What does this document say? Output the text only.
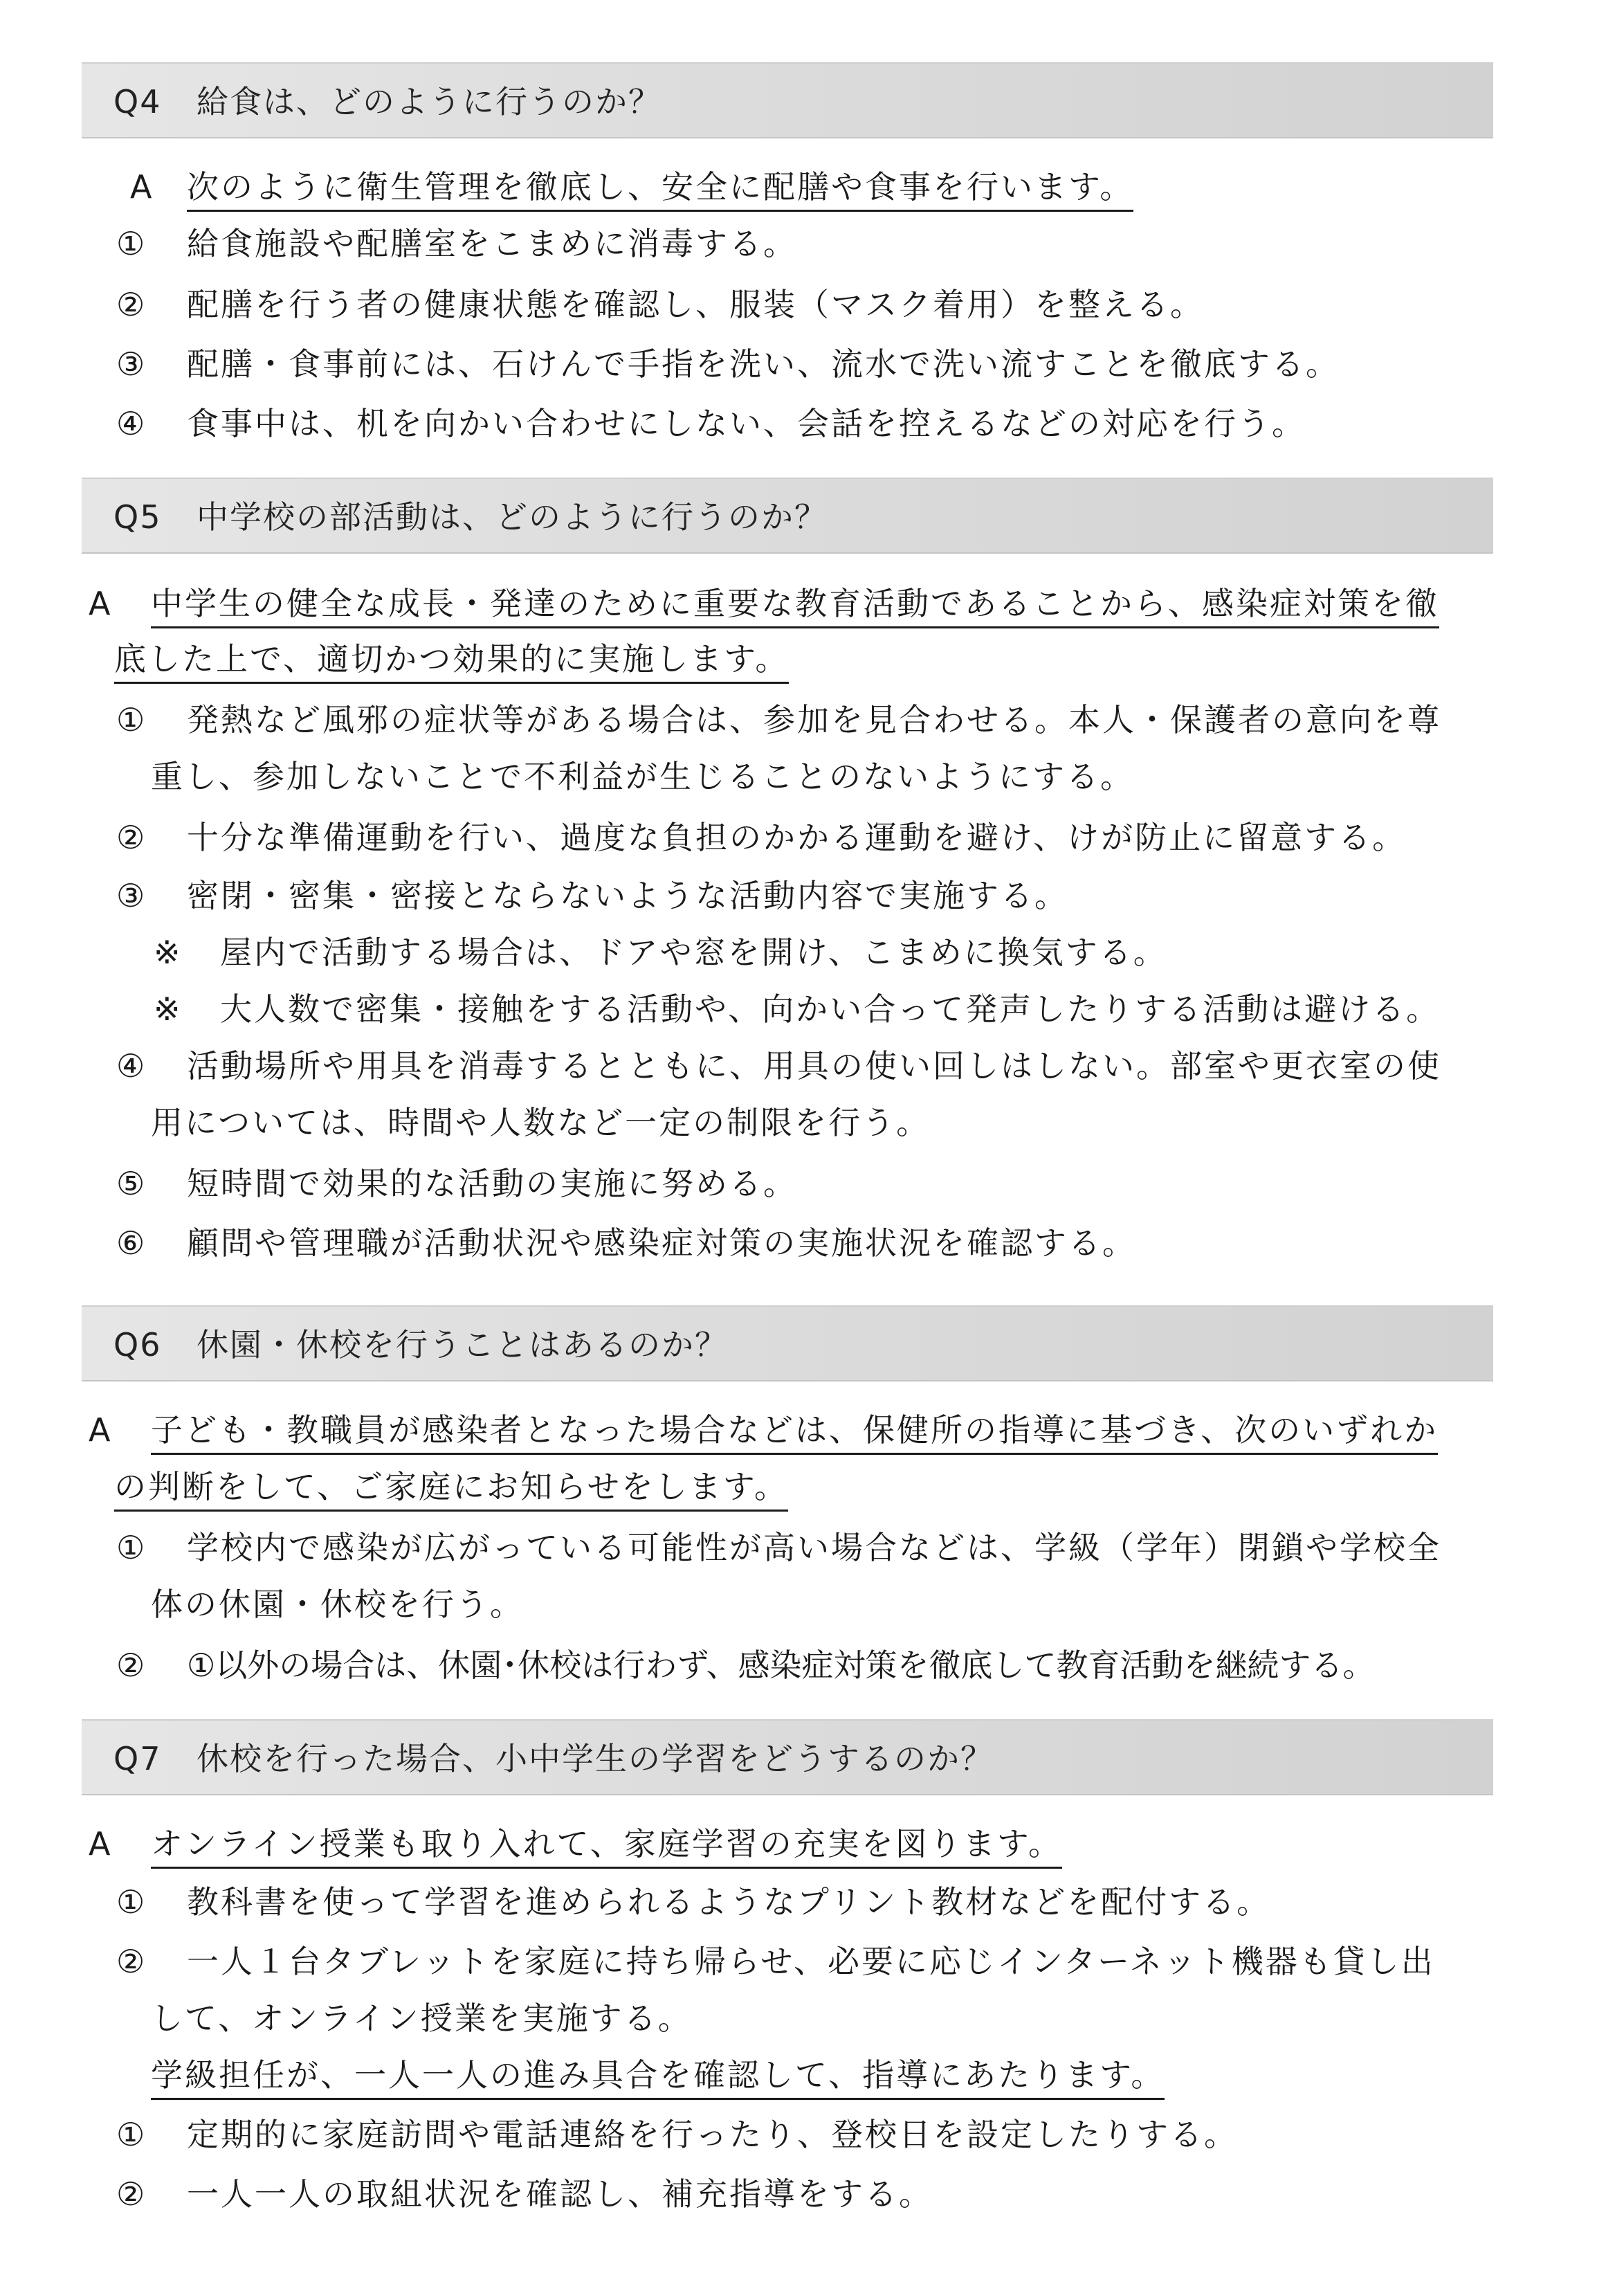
Q4 給食は、どのように行うのか？
A 次のように衛生管理を徹底し、安全に配膳や食事を行います。
① 給食施設や配膳室をこまめに消毒する。
② 配膳を行う者の健康状態を確認し、服装（マスク着用）を整える。
③ 配膳・食事前には、石けんで手指を洗い、流水で洗い流すことを徹底する。
④ 食事中は、机を向かい合わせにしない、会話を控えるなどの対応を行う。
Q5 中学校の部活動は、どのように行うのか？
A 中学生の健全な成長・発達のために重要な教育活動であることから、感染症対策を徹
底した上で、適切かつ効果的に実施します。
① 発熱など風邪の症状等がある場合は、参加を見合わせる。本人・保護者の意向を尊
重し、参加しないことで不利益が生じることのないようにする。
② 十分な準備運動を行い、過度な負担のかかる運動を避け、けが防止に留意する。
③ 密閉・密集・密接とならないような活動内容で実施する。
※ 屋内で活動する場合は、ドアや窓を開け、こまめに換気する。
※ 大人数で密集・接触をする活動や、向かい合って発声したりする活動は避ける。
④ 活動場所や用具を消毒するとともに、用具の使い回しはしない。部室や更衣室の使
用については、時間や人数など一定の制限を行う。
⑤ 短時間で効果的な活動の実施に努める。
⑥ 顧問や管理職が活動状況や感染症対策の実施状況を確認する。
Q6 休園・休校を行うことはあるのか？
A 子ども・教職員が感染者となった場合などは、保健所の指導に基づき、次のいずれか
の判断をして、ご家庭にお知らせをします。
① 学校内で感染が広がっている可能性が高い場合などは、学級（学年）閉鎖や学校全
体の休園・休校を行う。
② ①以外の場合は、休園･休校は行わず、感染症対策を徹底して教育活動を継続する。
Q7 休校を行った場合、小中学生の学習をどうするのか？
A オンライン授業も取り入れて、家庭学習の充実を図ります。
① 教科書を使って学習を進められるようなプリント教材などを配付する。
② 一人１台タブレットを家庭に持ち帰らせ、必要に応じインターネット機器も貸し出
して、オンライン授業を実施する。
学級担任が、一人一人の進み具合を確認して、指導にあたります。
① 定期的に家庭訪問や電話連絡を行ったり、登校日を設定したりする。
② 一人一人の取組状況を確認し、補充指導をする。
